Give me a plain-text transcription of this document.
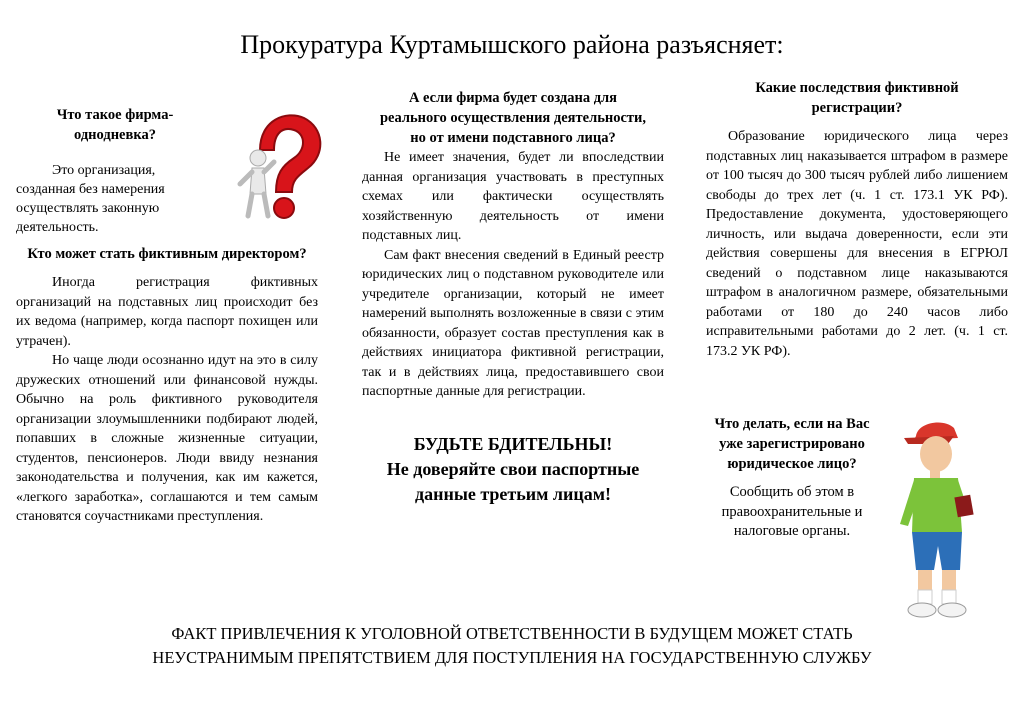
Прокуратура Куртамышского района разъясняет:

Что такое фирма-однодневка?

Это организация, созданная без намерения осуществлять законную деятельность.

Кто может стать фиктивным директором?

Иногда регистрация фиктивных организаций на подставных лиц происходит без их ведома (например, когда паспорт похищен или утрачен).

Но чаще люди осознанно идут на это в силу дружеских отношений или финансовой нужды. Обычно на роль фиктивного руководителя организации злоумышленники подбирают людей, попавших в сложные жизненные ситуации, студентов, пенсионеров. Люди ввиду незнания законодательства и получения, как им кажется, «легкого заработка», соглашаются и тем самым становятся соучастниками преступления.

А если фирма будет создана для реального осуществления деятельности, но от имени подставного лица?

Не имеет значения, будет ли впоследствии данная организация участвовать в преступных схемах или фактически осуществлять хозяйственную деятельность от имени подставных лиц.

Сам факт внесения сведений в Единый реестр юридических лиц о подставном руководителе или учредителе организации, который не имеет намерений выполнять возложенные в связи с этим обязанности, образует состав преступления как в действиях инициатора фиктивной регистрации, так и в действиях лица, предоставившего свои паспортные данные для регистрации.

БУДЬТЕ БДИТЕЛЬНЫ!

Не доверяйте свои паспортные данные третьим лицам!

Какие последствия фиктивной регистрации?

Образование юридического лица через подставных лиц наказывается штрафом в размере от 100 тысяч до 300 тысяч рублей либо лишением свободы до трех лет (ч. 1 ст. 173.1 УК РФ). Предоставление документа, удостоверяющего личность, или выдача доверенности, если эти действия совершены для внесения в ЕГРЮЛ сведений о подставном лице наказываются штрафом в аналогичном размере, обязательными работами от 180 до 240 часов либо исправительными работами до 2 лет. (ч. 1 ст. 173.2 УК РФ).

Что делать, если на Вас уже зарегистрировано юридическое лицо?

Сообщить об этом в правоохранительные и налоговые органы.

ФАКТ ПРИВЛЕЧЕНИЯ К УГОЛОВНОЙ ОТВЕТСТВЕННОСТИ В БУДУЩЕМ МОЖЕТ СТАТЬ
НЕУСТРАНИМЫМ ПРЕПЯТСТВИЕМ ДЛЯ ПОСТУПЛЕНИЯ НА ГОСУДАРСТВЕННУЮ СЛУЖБУ
